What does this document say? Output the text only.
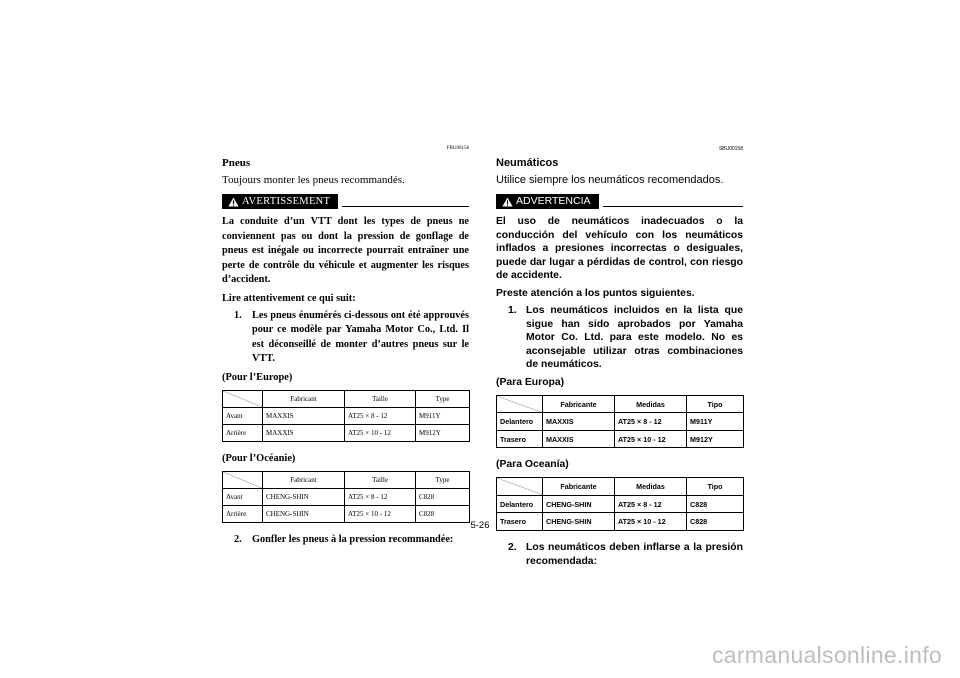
FBU00158
Pneus
Toujours monter les pneus recommandés.
AVERTISSEMENT
La conduite d’un VTT dont les types de pneus ne conviennent pas ou dont la pression de gonflage de pneus est inégale ou incorrecte pourrait entraîner une perte de contrôle du véhicule et augmenter les risques d’accident.
Lire attentivement ce qui suit:
1. Les pneus énumérés ci-dessous ont été approuvés pour ce modèle par Yamaha Motor Co., Ltd. Il est déconseillé de monter d’autres pneus sur le VTT.
(Pour l’Europe)
	Fabricant	Taille	Type
Avant	MAXXIS	AT25 × 8 - 12	M911Y
Arrière	MAXXIS	AT25 × 10 - 12	M912Y
(Pour l’Océanie)
	Fabricant	Taille	Type
Avant	CHENG-SHIN	AT25 × 8 - 12	C828
Arrière	CHENG-SHIN	AT25 × 10 - 12	C828
2. Gonfler les pneus à la pression recommandée:
SBU00158
Neumáticos
Utilice siempre los neumáticos recomendados.
ADVERTENCIA
El uso de neumáticos inadecuados o la conducción del vehículo con los neumáticos inflados a presiones incorrectas o desiguales, puede dar lugar a pérdidas de control, con riesgo de accidente.
Preste atención a los puntos siguientes.
1. Los neumáticos incluidos en la lista que sigue han sido aprobados por Yamaha Motor Co. Ltd. para este modelo. No es aconsejable utilizar otras combinaciones de neumáticos.
(Para Europa)
	Fabricante	Medidas	Tipo
Delantero	MAXXIS	AT25 × 8 - 12	M911Y
Trasero	MAXXIS	AT25 × 10 - 12	M912Y
(Para Oceanía)
	Fabricante	Medidas	Tipo
Delantero	CHENG-SHIN	AT25 × 8 - 12	C828
Trasero	CHENG-SHIN	AT25 × 10 - 12	C828
2. Los neumáticos deben inflarse a la presión recomendada:
5-26
carmanualsonline.info
